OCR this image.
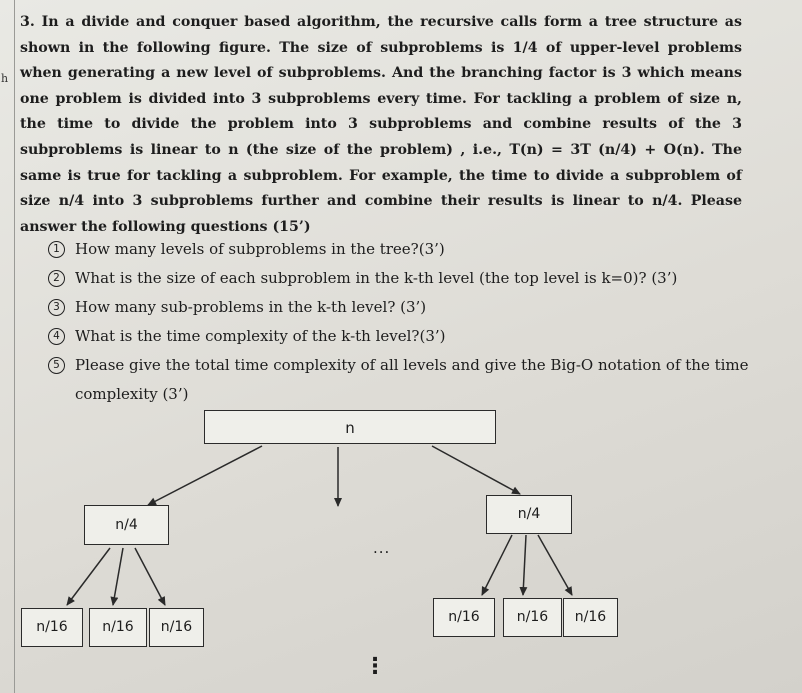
h

3. In a divide and conquer based algorithm, the recursive calls form a tree structure as shown in the following figure. The size of subproblems is 1/4 of upper-level problems when generating a new level of subproblems. And the branching factor is 3 which means one problem is divided into 3 subproblems every time. For tackling a problem of size n, the time to divide the problem into 3 subproblems and combine results of the 3 subproblems is linear to n (the size of the problem) , i.e., T(n) = 3T (n/4) + O(n). The same is true for tackling a subproblem. For example, the time to divide a subproblem of size n/4 into 3 subproblems further and combine their results is linear to n/4. Please answer the following questions (15’)

1	How many levels of subproblems in the tree?(3’)
2	What is the size of each subproblem in the k-th level (the top level is k=0)? (3’)
3	How many sub-problems in the k-th level? (3’)
4	What is the time complexity of the k-th level?(3’)
5	Please give the total time complexity of all levels and give the Big-O notation of the time complexity (3’)
n
n/4
n/4
...
n/16	n/16	n/16
n/16	n/16	n/16
⋮
